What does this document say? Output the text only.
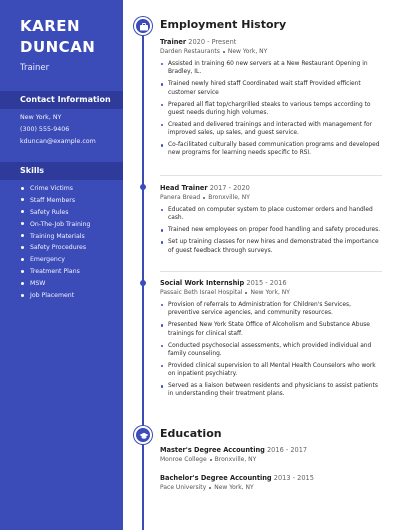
KAREN
DUNCAN
Trainer
Contact Information
New York, NY
(300) 555-9406
kduncan@example.com
Skills
Crime Victims
Staff Members
Safety Rules
On-The-Job Training
Training Materials
Safety Procedures
Emergency
Treatment Plans
MSW
Job Placement
Employment History
Trainer 2020 - Present
Darden Restaurants New York, NY
Assisted in training 60 new servers at a New Restaurant Opening in Bradley, IL.
Trained newly hired staff Coordinated wait staff Provided efficient customer service
Prepared all flat top/chargrilled steaks to various temps according to guest needs during high volumes.
Created and delivered trainings and interacted with management for improved sales, up sales, and guest service.
Co-facilitated culturally based communication programs and developed new programs for learning needs specific to RSI.
Head Trainer 2017 - 2020
Panera Bread Bronxville, NY
Educated on computer system to place customer orders and handled cash.
Trained new employees on proper food handling and safety procedures.
Set up training classes for new hires and demonstrated the importance of guest feedback through surveys.
Social Work Internship 2015 - 2016
Passaic Beth Israel Hospital New York, NY
Provision of referrals to Administration for Children's Services, preventive service agencies, and community resources.
Presented New York State Office of Alcoholism and Substance Abuse trainings for clinical staff.
Conducted psychosocial assessments, which provided individual and family counseling.
Provided clinical supervision to all Mental Health Counselors who work on inpatient psychiatry.
Served as a liaison between residents and physicians to assist patients in understanding their treatment plans.
Education
Master's Degree Accounting 2016 - 2017
Monroe College Bronxville, NY
Bachelor's Degree Accounting 2013 - 2015
Pace University New York, NY
